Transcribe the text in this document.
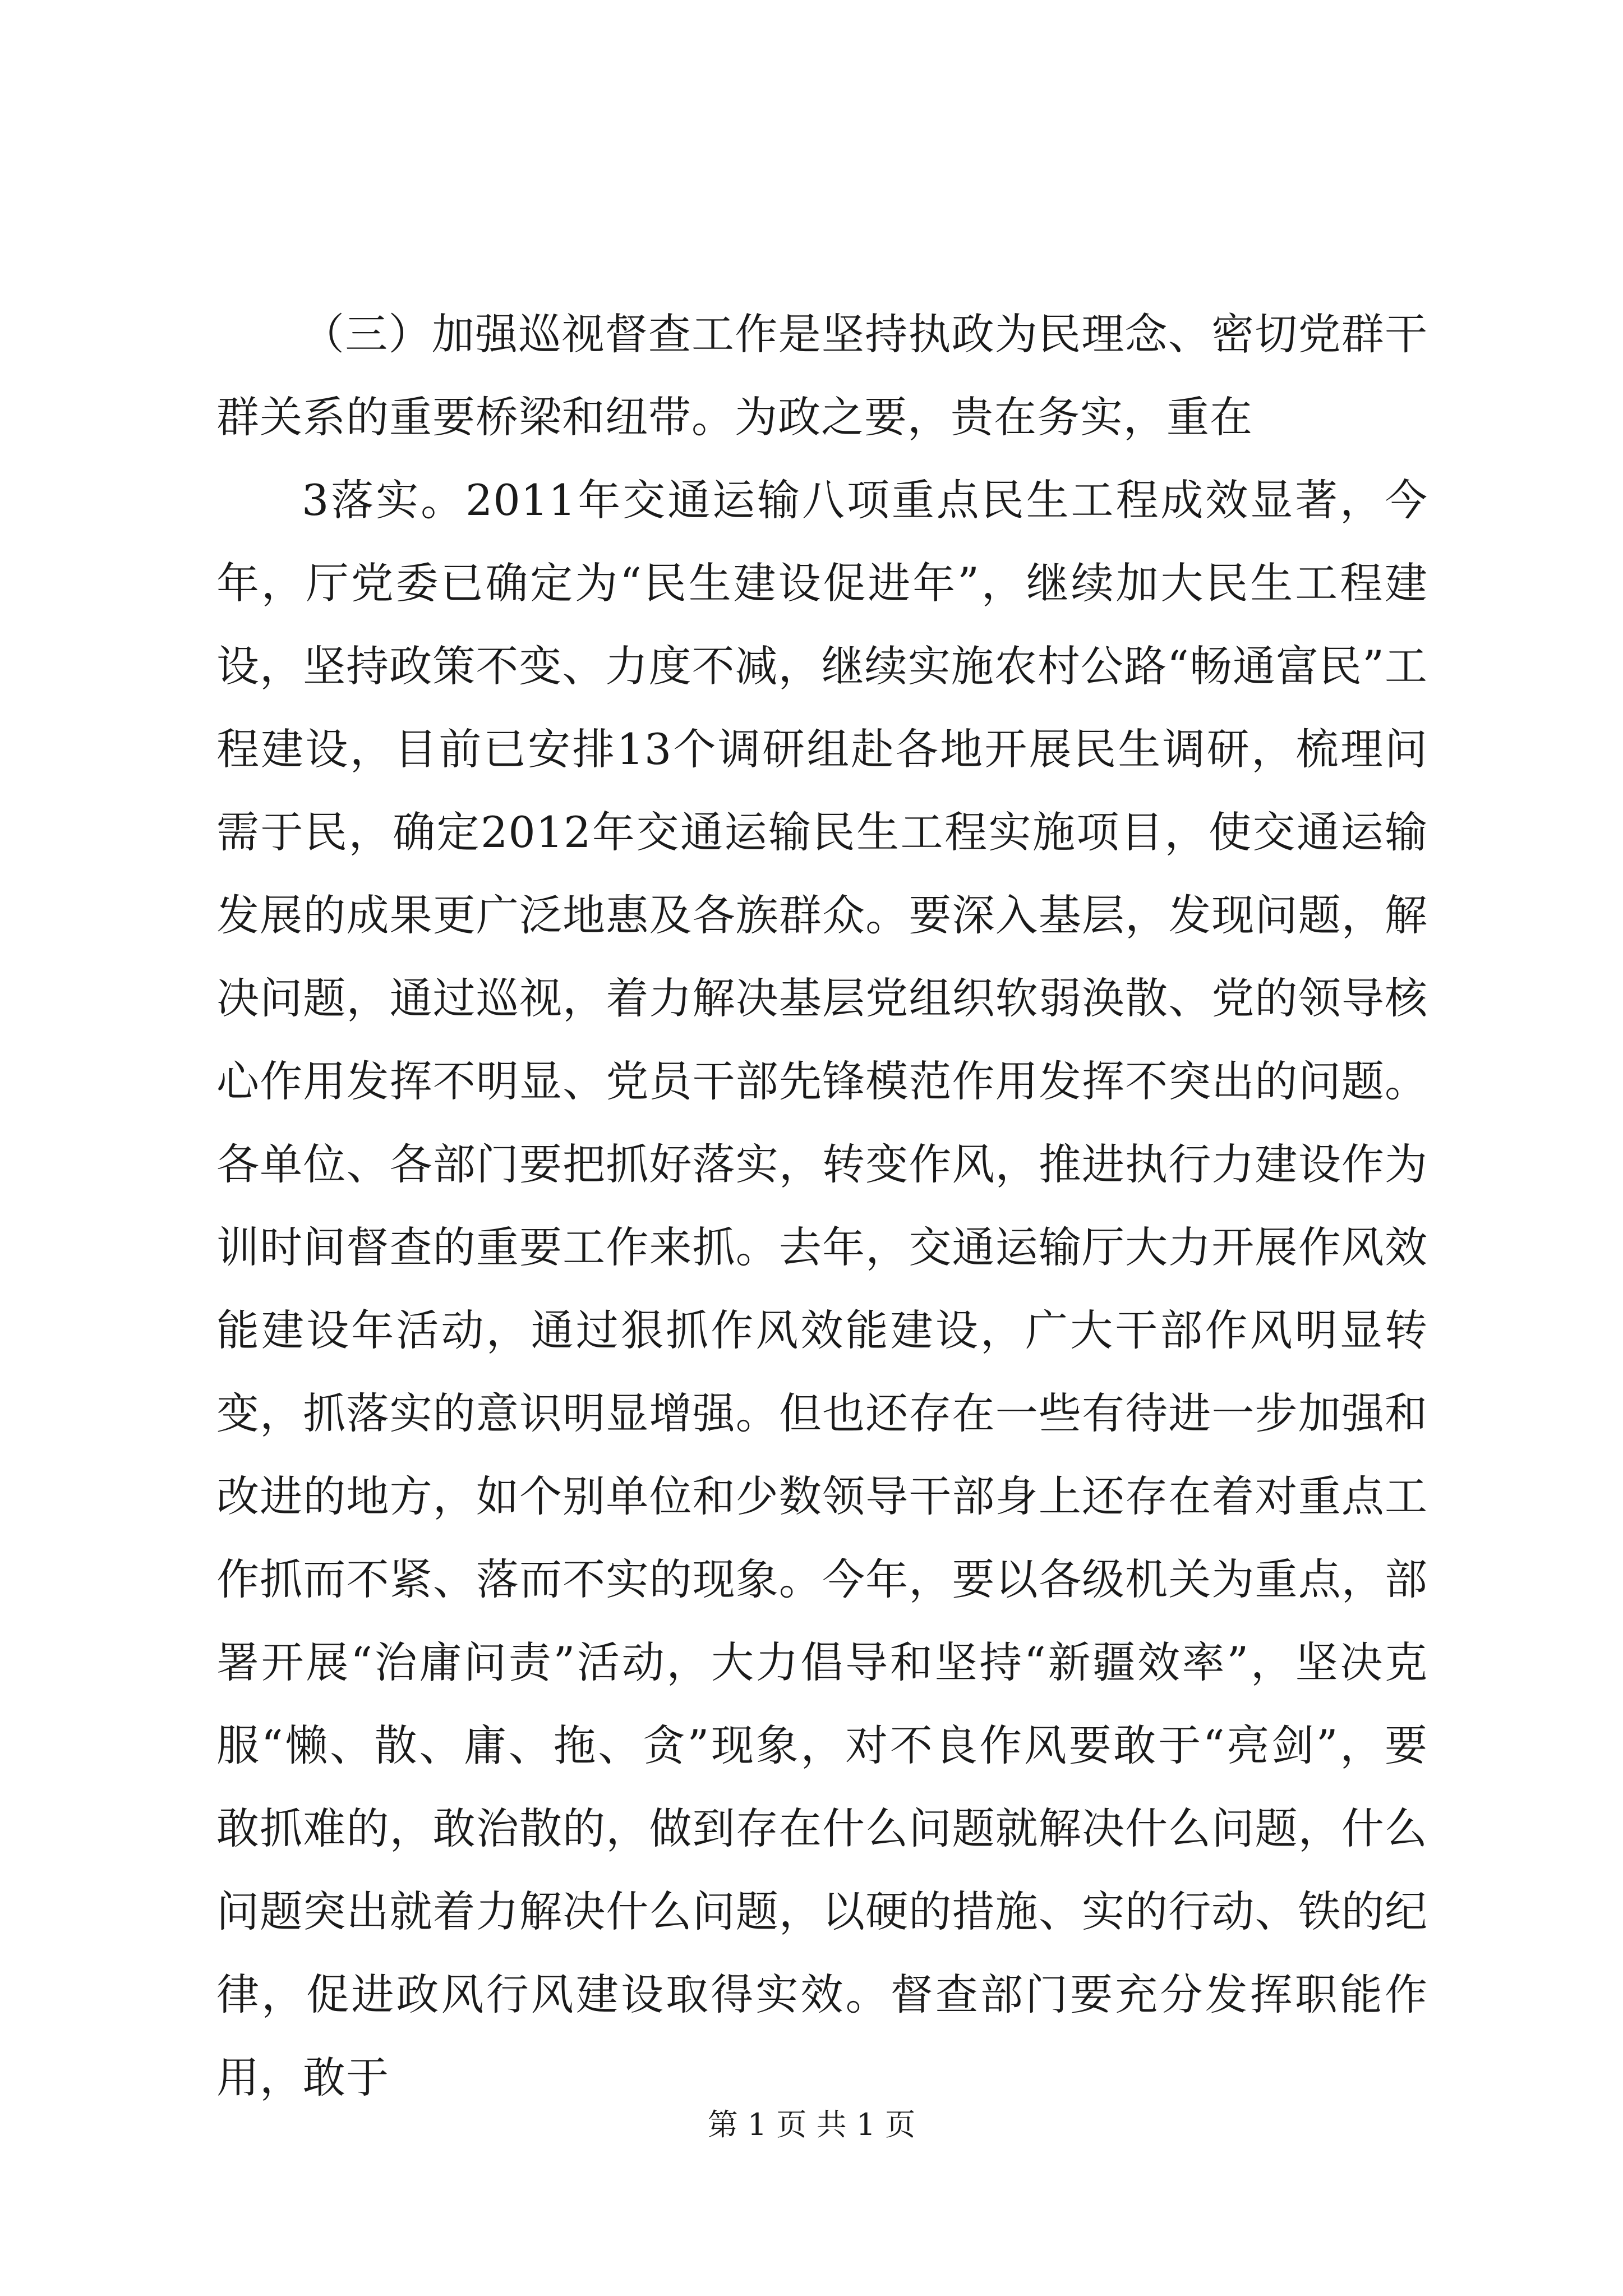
（三）加强巡视督查工作是坚持执政为民理念、密切党群干群关系的重要桥梁和纽带。为政之要，贵在务实，重在

3落实。2011年交通运输八项重点民生工程成效显著，今年，厅党委已确定为“民生建设促进年”，继续加大民生工程建设，坚持政策不变、力度不减，继续实施农村公路“畅通富民”工程建设，目前已安排13个调研组赴各地开展民生调研，梳理问需于民，确定2012年交通运输民生工程实施项目，使交通运输发展的成果更广泛地惠及各族群众。要深入基层，发现问题，解决问题，通过巡视，着力解决基层党组织软弱涣散、党的领导核心作用发挥不明显、党员干部先锋模范作用发挥不突出的问题。各单位、各部门要把抓好落实，转变作风，推进执行力建设作为训时间督查的重要工作来抓。去年，交通运输厅大力开展作风效能建设年活动，通过狠抓作风效能建设，广大干部作风明显转变，抓落实的意识明显增强。但也还存在一些有待进一步加强和改进的地方，如个别单位和少数领导干部身上还存在着对重点工作抓而不紧、落而不实的现象。今年，要以各级机关为重点，部署开展“治庸问责”活动，大力倡导和坚持“新疆效率”，坚决克服“懒、散、庸、拖、贪”现象，对不良作风要敢于“亮剑”，要敢抓难的，敢治散的，做到存在什么问题就解决什么问题，什么问题突出就着力解决什么问题，以硬的措施、实的行动、铁的纪律，促进政风行风建设取得实效。督查部门要充分发挥职能作用，敢于

第 1 页 共 1 页
